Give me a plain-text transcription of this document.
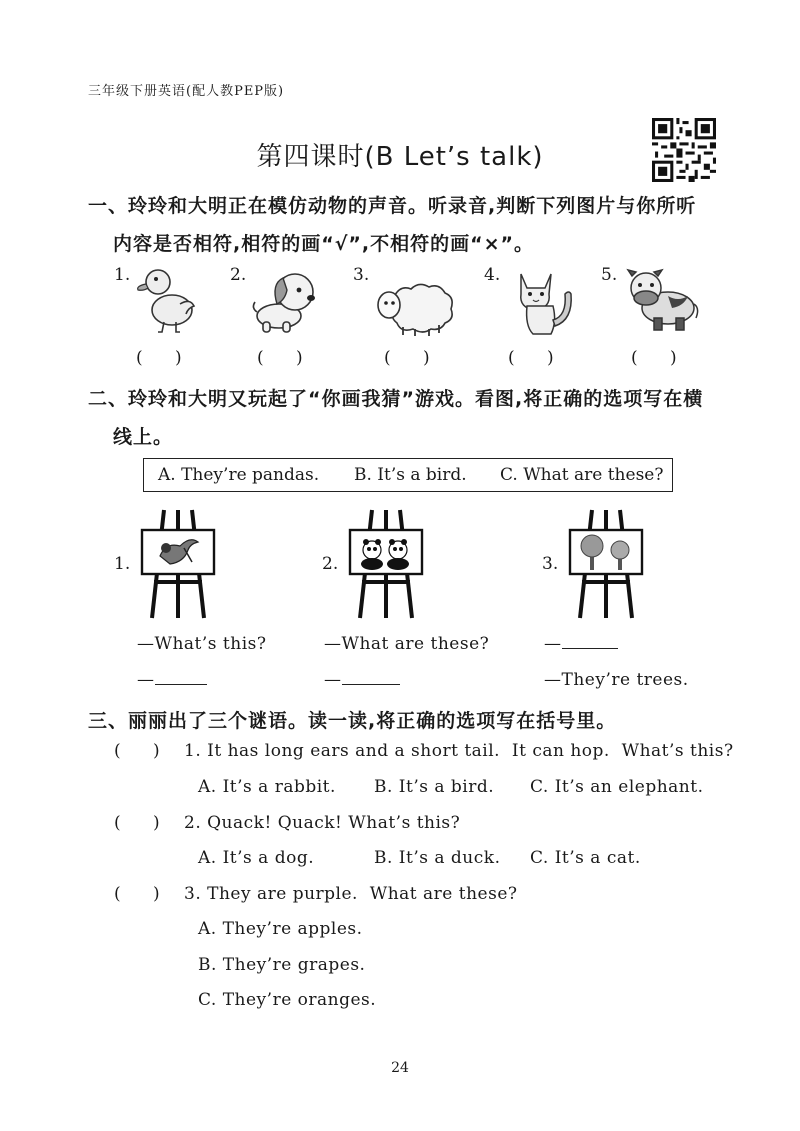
三年级下册英语(配人教PEP版)
第四课时(B Let’s talk)
一、玲玲和大明正在模仿动物的声音。听录音,判断下列图片与你所听
内容是否相符,相符的画“√”,不相符的画“×”。
1.	2.	3.	4.	5.
(      )	(      )	(      )	(      )	(      )
二、玲玲和大明又玩起了“你画我猜”游戏。看图,将正确的选项写在横
线上。
A. They’re pandas. B. It’s a bird. C. What are these?
1.	2.	3.
—What’s this?
—
—What are these?
—
—
—They’re trees.
三、丽丽出了三个谜语。读一读,将正确的选项写在括号里。
(      ) 1. It has long ears and a short tail.  It can hop.  What’s this?
A. It’s a rabbit. B. It’s a bird. C. It’s an elephant.
(      ) 2. Quack! Quack! What’s this?
A. It’s a dog.	B. It’s a duck. C. It’s a cat.
(      ) 3. They are purple.  What are these?
A. They’re apples.
B. They’re grapes.
C. They’re oranges.
24
